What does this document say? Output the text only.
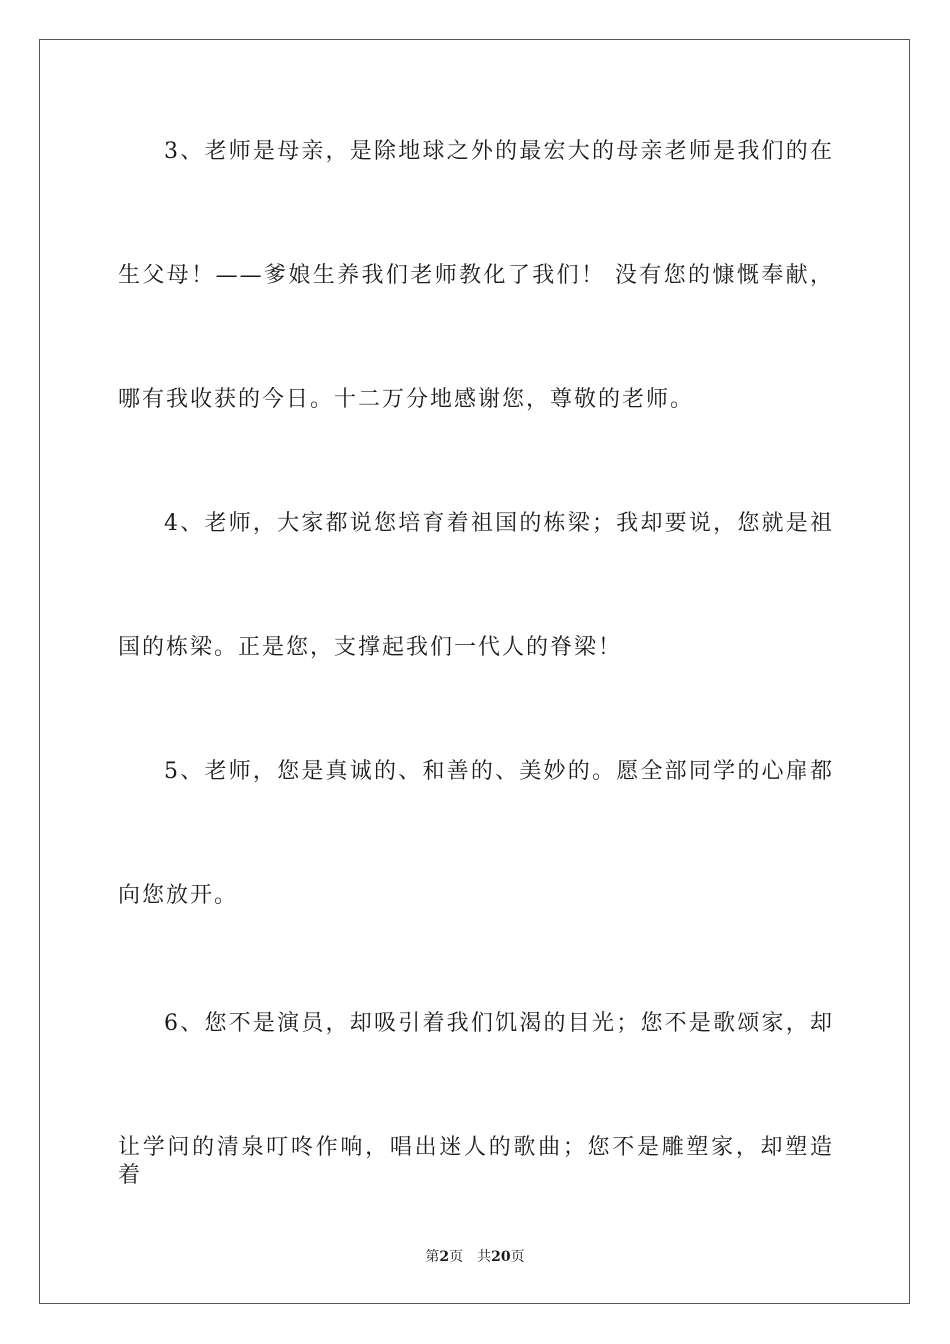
3、老师是母亲，是除地球之外的最宏大的母亲老师是我们的在

生父母！——爹娘生养我们老师教化了我们！ 没有您的慷慨奉献，

哪有我收获的今日。十二万分地感谢您，尊敬的老师。

4、老师，大家都说您培育着祖国的栋梁；我却要说，您就是祖

国的栋梁。正是您，支撑起我们一代人的脊梁！

5、老师，您是真诚的、和善的、美妙的。愿全部同学的心扉都

向您放开。

6、您不是演员，却吸引着我们饥渴的目光；您不是歌颂家，却

让学问的清泉叮咚作响，唱出迷人的歌曲；您不是雕塑家，却塑造着

第2页 共20页
